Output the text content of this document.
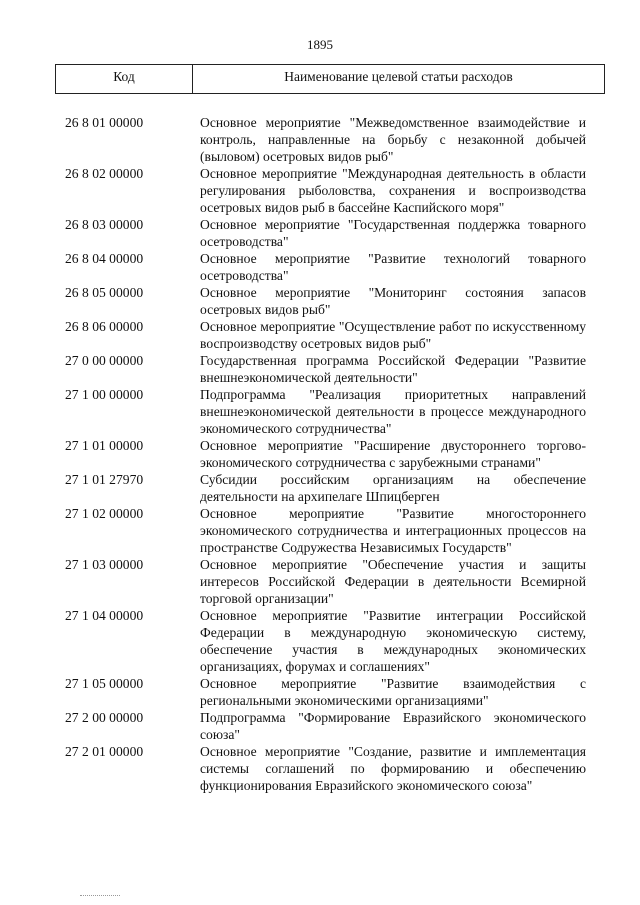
1895
Код	Наименование целевой статьи расходов
26 8 01 00000	Основное мероприятие "Межведомственное взаимодействие и контроль, направленные на борьбу с незаконной добычей (выловом) осетровых видов рыб"
26 8 02 00000	Основное мероприятие "Международная деятельность в области регулирования рыболовства, сохранения и воспроизводства осетровых видов рыб в бассейне Каспийского моря"
26 8 03 00000	Основное мероприятие "Государственная поддержка товарного осетроводства"
26 8 04 00000	Основное мероприятие "Развитие технологий товарного осетроводства"
26 8 05 00000	Основное мероприятие "Мониторинг состояния запасов осетровых видов рыб"
26 8 06 00000	Основное мероприятие "Осуществление работ по искусственному воспроизводству осетровых видов рыб"
27 0 00 00000	Государственная программа Российской Федерации "Развитие внешнеэкономической деятельности"
27 1 00 00000	Подпрограмма "Реализация приоритетных направлений внешнеэкономической деятельности в процессе международного экономического сотрудничества"
27 1 01 00000	Основное мероприятие "Расширение двустороннего торгово-экономического сотрудничества с зарубежными странами"
27 1 01 27970	Субсидии российским организациям на обеспечение деятельности на архипелаге Шпицберген
27 1 02 00000	Основное мероприятие "Развитие многостороннего экономического сотрудничества и интеграционных процессов на пространстве Содружества Независимых Государств"
27 1 03 00000	Основное мероприятие "Обеспечение участия и защиты интересов Российской Федерации в деятельности Всемирной торговой организации"
27 1 04 00000	Основное мероприятие "Развитие интеграции Российской Федерации в международную экономическую систему, обеспечение участия в международных экономических организациях, форумах и соглашениях"
27 1 05 00000	Основное мероприятие "Развитие взаимодействия с региональными экономическими организациями"
27 2 00 00000	Подпрограмма "Формирование Евразийского экономического союза"
27 2 01 00000	Основное мероприятие "Создание, развитие и имплементация системы соглашений по формированию и обеспечению функционирования Евразийского экономического союза"
